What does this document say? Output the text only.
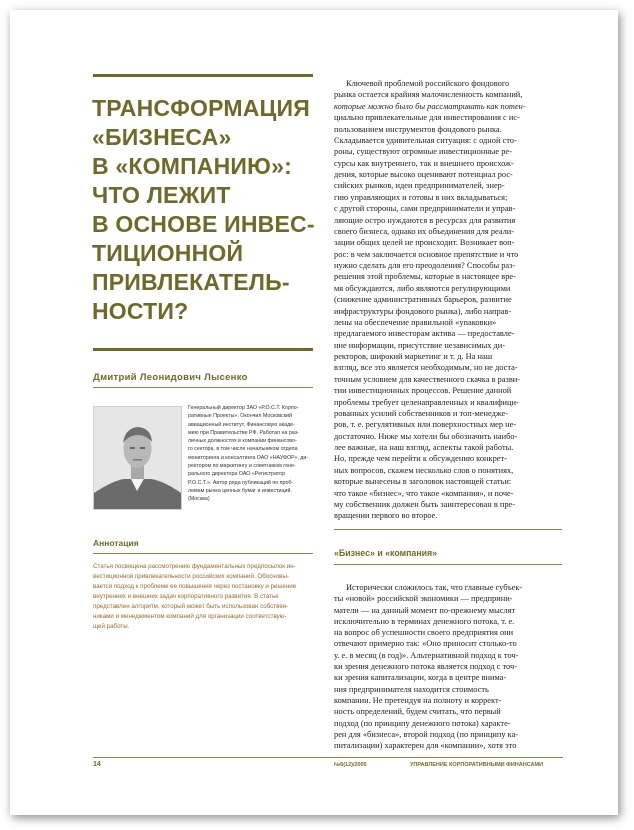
ТРАНСФОРМАЦИЯ
«БИЗНЕСА»
В «КОМПАНИЮ»:
ЧТО ЛЕЖИТ
В ОСНОВЕ ИНВЕС-
ТИЦИОННОЙ
ПРИВЛЕКАТЕЛЬ-
НОСТИ?
Дмитрий Леонидович Лысенко
Генеральный директор ЗАО «Р.О.С.Т. Корпо-
ративные Проекты». Окончил Московский
авиационный институт, Финансовую акаде-
мию при Правительстве РФ. Работал на раз-
личных должностях в компании финансово-
го сектора, в том числе начальником отдела
мониторинга и консалтинга ОАО «НАУФОР», ди-
ректором по маркетингу и советником гене-
рального директора ОАО «Регистратор
Р.О.С.Т.». Автор ряда публикаций по проб-
лемам рынка ценных бумаг и инвестиций.
(Москва)
Аннотация
Статья посвящена рассмотрению фундаментальных предпосылок ин-
вестиционной привлекательности российских компаний. Обосновы-
вается подход к проблеме ее повышения через постановку и решение
внутренних и внешних задач корпоративного развития. В статье
представлен алгоритм, который может быть использован собствен-
никами и менеджментом компаний для организации соответствую-
щей работы.
Ключевой проблемой российского фондового
рынка остается крайняя малочисленность компаний,
которые можно было бы рассматривать как потен-
циально привлекательные для инвестирования с ис-
пользованием инструментов фондового рынка.
Складывается удивительная ситуация: с одной сто-
роны, существуют огромные инвестиционные ре-
сурсы как внутреннего, так и внешнего происхож-
дения, которые высоко оценивают потенциал рос-
сийских рынков, идеи предпринимателей, энер-
гию управляющих и готовы в них вкладываться;
с другой стороны, сами предприниматели и управ-
ляющие остро нуждаются в ресурсах для развития
своего бизнеса, однако их объединения для реали-
зации общих целей не происходит. Возникает воп-
рос: в чем заключается основное препятствие и что
нужно сделать для его преодоления? Способы раз-
решения этой проблемы, которые в настоящее вре-
мя обсуждаются, либо являются регулирующими
(снижение административных барьеров, развитие
инфраструктуры фондового рынка), либо направ-
лены на обеспечение правильной «упаковки»
предлагаемого инвесторам актива — предоставле-
ние информации, присутствие независимых ди-
ректоров, широкий маркетинг и т. д. На наш
взгляд, все это является необходимым, но не доста-
точным условием для качественного скачка в разви-
тии инвестиционных процессов. Решение данной
проблемы требует целенаправленных и квалифици-
рованных усилий собственников и топ-менедже-
ров, т. е. регулятивных или поверхностных мер не-
достаточно. Ниже мы хотели бы обозначить наибо-
лее важные, на наш взгляд, аспекты такой работы.
Но, прежде чем перейти к обсуждению конкрет-
ных вопросов, скажем несколько слов о понятиях,
которые вынесены в заголовок настоящей статьи:
что такое «бизнес», что такое «компания», и поче-
му собственник должен быть заинтересован в пре-
вращении первого во второе.
«Бизнес» и «компания»
Исторически сложилось так, что главные субъек-
ты «новой» российской экономики — предприни-
матели — на данный момент по-прежнему мыслят
исключительно в терминах денежного потока, т. е.
на вопрос об успешности своего предприятия они
отвечают примерно так: «Оно приносит столько-то
у. е. в месяц (в год)». Альтернативной подход к точ-
ки зрения денежного потока является подход с точ-
ки зрения капитализации, когда в центре внима-
ния предпринимателя находится стоимость
компании. Не претендуя на полноту и коррект-
ность определений, будем считать, что первый
подход (по принципу денежного потока) характе-
рен для «бизнеса», второй подход (по принципу ка-
питализации) характерен для «компании», хотя это
14	№6(12)/2005	УПРАВЛЕНИЕ КОРПОРАТИВНЫМИ ФИНАНСАМИ
